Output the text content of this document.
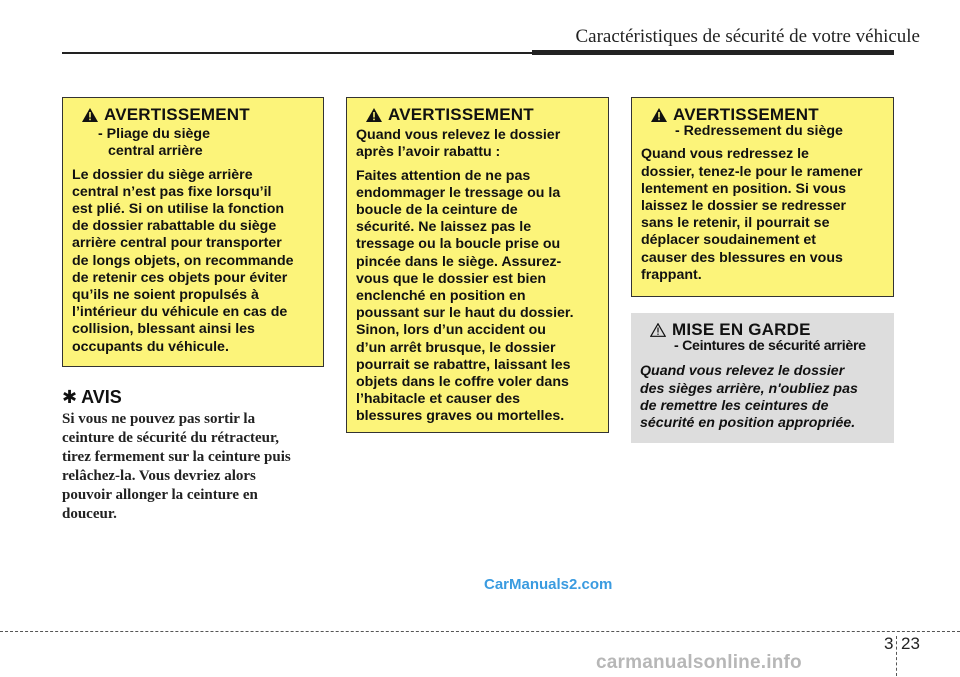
Caractéristiques de sécurité de votre véhicule
AVERTISSEMENT
- Pliage du siège
central arrière
Le dossier du siège arrière
central n’est pas fixe lorsqu’il
est plié. Si on utilise la fonction
de dossier rabattable du siège
arrière central pour transporter
de longs objets, on recommande
de retenir ces objets pour éviter
qu’ils ne soient propulsés à
l’intérieur du véhicule en cas de
collision, blessant ainsi les
occupants du véhicule.
AVERTISSEMENT
Quand vous relevez le dossier
après l’avoir rabattu :
Faites attention de ne pas
endommager le tressage ou la
boucle de la ceinture de
sécurité. Ne laissez pas le
tressage ou la boucle prise ou
pincée dans le siège. Assurez-
vous que le dossier est bien
enclenché en position en
poussant sur le haut du dossier.
Sinon, lors d’un accident ou
d’un arrêt brusque, le dossier
pourrait se rabattre, laissant les
objets dans le coffre voler dans
l’habitacle et causer des
blessures graves ou mortelles.
AVERTISSEMENT
- Redressement du siège
Quand vous redressez le
dossier, tenez-le pour le ramener
lentement en position. Si vous
laissez le dossier se redresser
sans le retenir, il pourrait se
déplacer soudainement et
causer des blessures en vous
frappant.
MISE EN GARDE
- Ceintures de sécurité arrière
Quand vous relevez le dossier
des sièges arrière, n'oubliez pas
de remettre les ceintures de
sécurité en position appropriée.
✱ AVIS
Si vous ne pouvez pas sortir la
ceinture de sécurité du rétracteur,
tirez fermement sur la ceinture puis
relâchez-la. Vous devriez alors
pouvoir allonger la ceinture en
douceur.
CarManuals2.com
3 23
carmanualsonline.info
